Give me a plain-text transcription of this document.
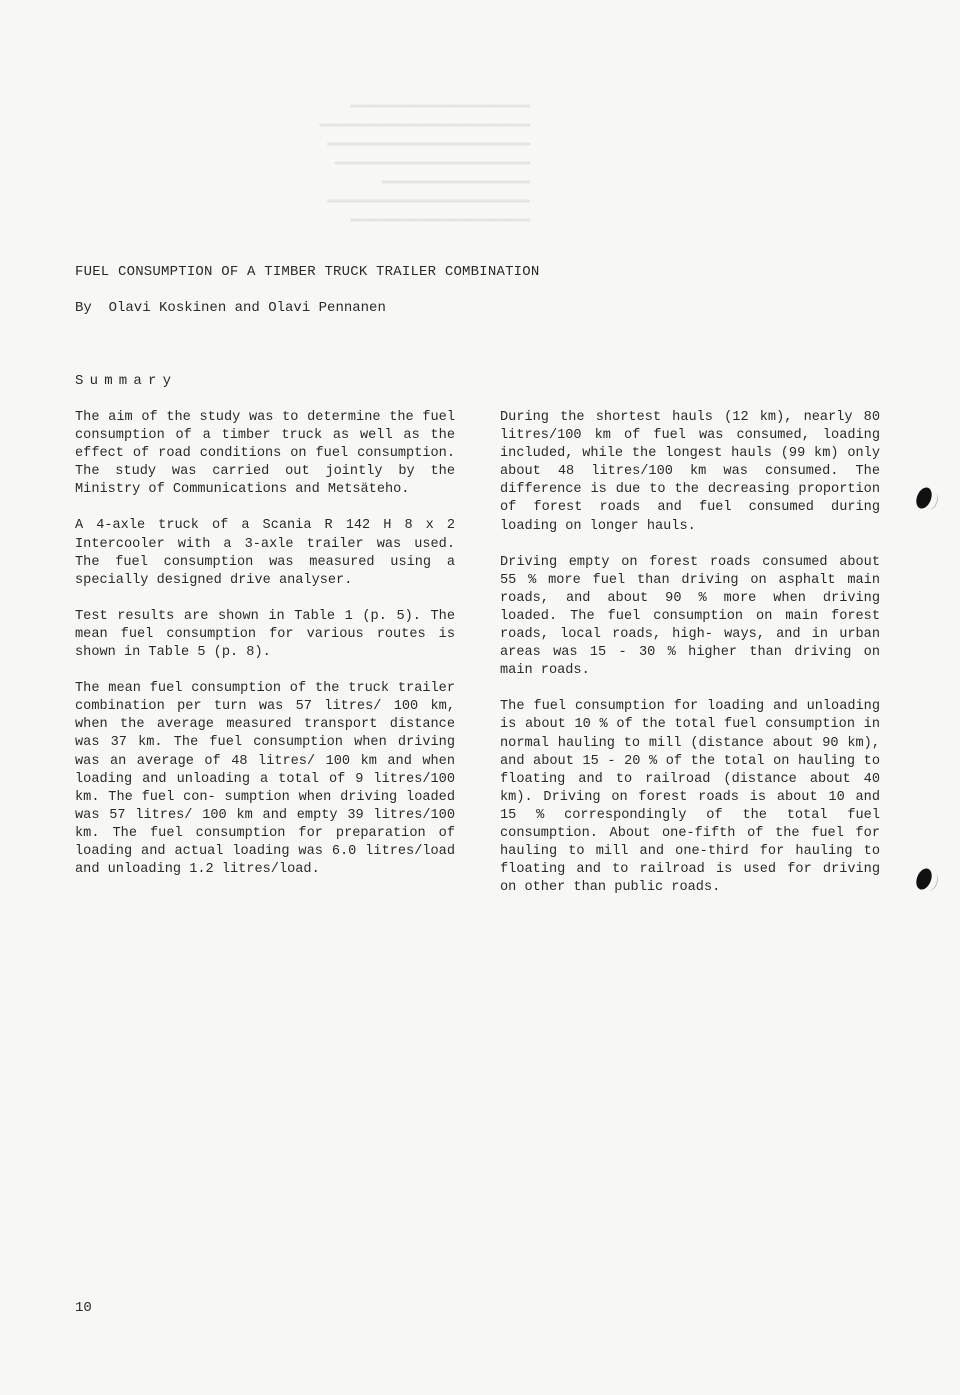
▬▬▬▬▬▬▬▬▬▬▬▬▬▬▬▬▬▬▬▬▬▬▬
▬▬▬▬▬▬▬▬▬▬▬▬▬▬▬▬▬▬▬▬▬▬▬▬▬▬▬
▬▬▬▬▬▬▬▬▬▬▬▬▬▬▬▬▬▬▬▬▬▬▬▬▬▬
▬▬▬▬▬▬▬▬▬▬▬▬▬▬▬▬▬▬▬▬▬▬▬▬▬
▬▬▬▬▬▬▬▬▬▬▬▬▬▬▬▬▬▬▬
▬▬▬▬▬▬▬▬▬▬▬▬▬▬▬▬▬▬▬▬▬▬▬▬▬▬
▬▬▬▬▬▬▬▬▬▬▬▬▬▬▬▬▬▬▬▬▬▬▬
FUEL CONSUMPTION OF A TIMBER TRUCK TRAILER COMBINATION
By  Olavi Koskinen and Olavi Pennanen
Summary

The aim of the study was to determine the fuel consumption of a timber truck as well as the effect of road conditions on fuel consumption. The study was carried out jointly by the Ministry of Communications and Metsäteho.

A 4-axle truck of a Scania R 142 H 8 x 2 Intercooler with a 3-axle trailer was used. The fuel consumption was measured using a specially designed drive analyser.

Test results are shown in Table 1 (p. 5). The mean fuel consumption for various routes is shown in Table 5 (p. 8).

The mean fuel consumption of the truck trailer combination per turn was 57 litres/ 100 km, when the average measured transport distance was 37 km. The fuel consumption when driving was an average of 48 litres/ 100 km and when loading and unloading a total of 9 litres/100 km. The fuel con- sumption when driving loaded was 57 litres/ 100 km and empty 39 litres/100 km. The fuel consumption for preparation of loading and actual loading was 6.0 litres/load and unloading 1.2 litres/load.

During the shortest hauls (12 km), nearly 80 litres/100 km of fuel was consumed, loading included, while the longest hauls (99 km) only about 48 litres/100 km was consumed. The difference is due to the decreasing proportion of forest roads and fuel consumed during loading on longer hauls.

Driving empty on forest roads consumed about 55 % more fuel than driving on asphalt main roads, and about 90 % more when driving loaded. The fuel consumption on main forest roads, local roads, high- ways, and in urban areas was 15 - 30 % higher than driving on main roads.

The fuel consumption for loading and unloading is about 10 % of the total fuel consumption in normal hauling to mill (distance about 90 km), and about 15 - 20 % of the total on hauling to floating and to railroad (distance about 40 km). Driving on forest roads is about 10 and 15 % correspondingly of the total fuel consumption. About one-fifth of the fuel for hauling to mill and one-third for hauling to floating and to railroad is used for driving on other than public roads.

10
